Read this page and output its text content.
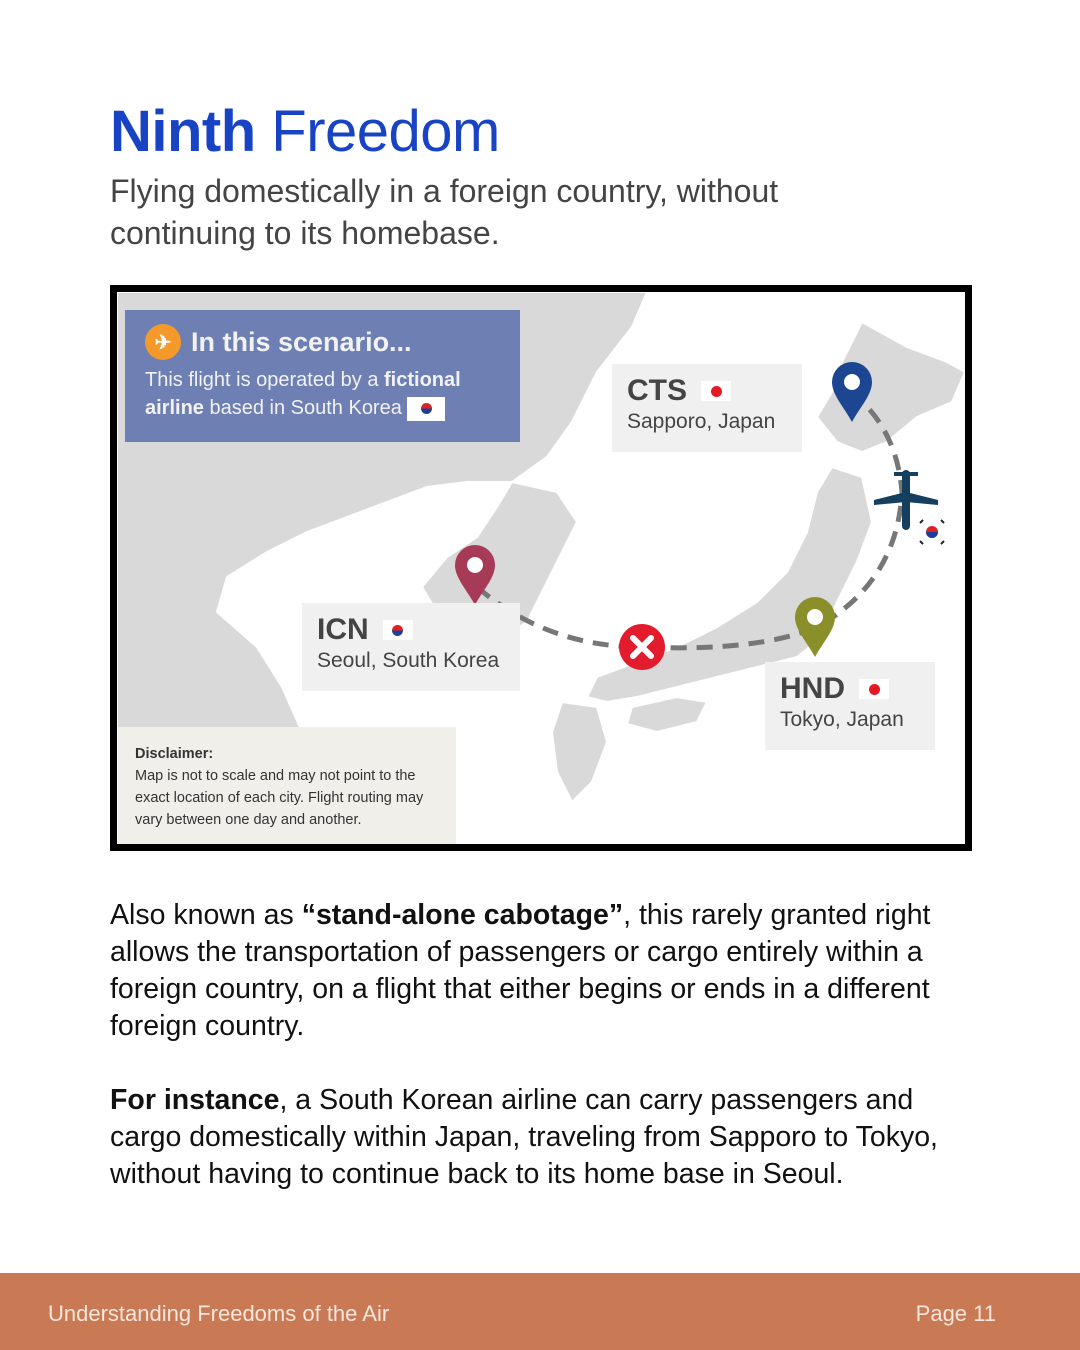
Ninth Freedom
Flying domestically in a foreign country, without continuing to its homebase.
✈ In this scenario...
This flight is operated by a fictional
airline based in South Korea
CTS
Sapporo, Japan
ICN
Seoul, South Korea
HND
Tokyo, Japan
Disclaimer:
Map is not to scale and may not point to the exact location of each city. Flight routing may vary between one day and another.
Also known as “stand-alone cabotage”, this rarely granted right allows the transportation of passengers or cargo entirely within a foreign country, on a flight that either begins or ends in a different foreign country.
For instance, a South Korean airline can carry passengers and cargo domestically within Japan, traveling from Sapporo to Tokyo, without having to continue back to its home base in Seoul.
Understanding Freedoms of the Air	Page 11
